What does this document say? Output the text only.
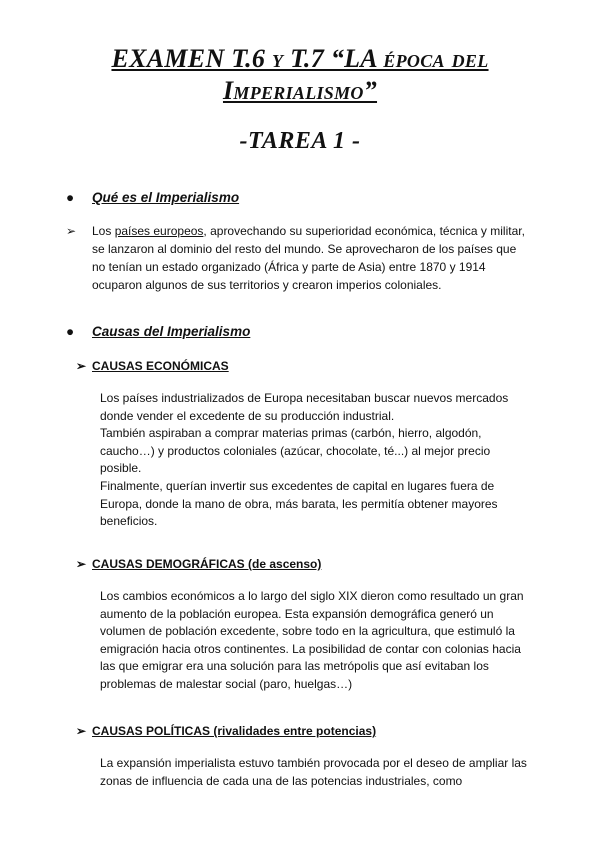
EXAMEN T.6 y T.7 “LA época del
Imperialismo”
-TAREA 1 -
● Qué es el Imperialismo
➢ Los países europeos, aprovechando su superioridad económica, técnica y militar, se lanzaron al dominio del resto del mundo. Se aprovecharon de los países que no tenían un estado organizado (África y parte de Asia) entre 1870 y 1914 ocuparon algunos de sus territorios y crearon imperios coloniales.
● Causas del Imperialismo
➢ CAUSAS ECONÓMICAS

Los países industrializados de Europa necesitaban buscar nuevos mercados donde vender el excedente de su producción industrial.

También aspiraban a comprar materias primas (carbón, hierro, algodón, caucho…) y productos coloniales (azúcar, chocolate, té...) al mejor precio posible.

Finalmente, querían invertir sus excedentes de capital en lugares fuera de Europa, donde la mano de obra, más barata, les permitía obtener mayores beneficios.

➢ CAUSAS DEMOGRÁFICAS (de ascenso)

Los cambios económicos a lo largo del siglo XIX dieron como resultado un gran aumento de la población europea. Esta expansión demográfica generó un volumen de población excedente, sobre todo en la agricultura, que estimuló la emigración hacia otros continentes. La posibilidad de contar con colonias hacia las que emigrar era una solución para las metrópolis que así evitaban los problemas de malestar social (paro, huelgas…)

➢ CAUSAS POLÍTICAS (rivalidades entre potencias)

La expansión imperialista estuvo también provocada por el deseo de ampliar las zonas de influencia de cada una de las potencias industriales, como
